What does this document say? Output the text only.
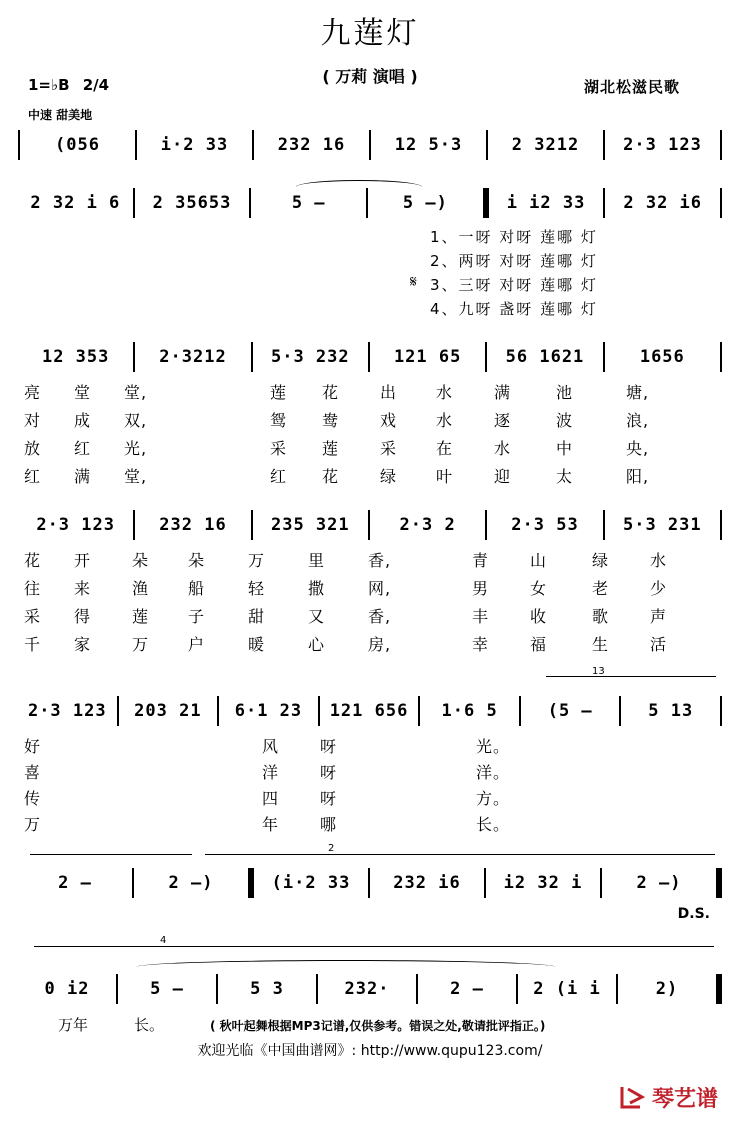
九莲灯
( 万莉 演唱 )
1=♭B 2/4	湖北松滋民歌
中速 甜美地
(056	i·2 33	232 16	12 5·3	2 3212	2·3 123
2 32 i 6	2 35653	5 –	5 –)	i i2 33	2 32 i6
1、一呀 对呀 莲哪 灯
2、两呀 对呀 莲哪 灯
𝄋 3、三呀 对呀 莲哪 灯
4、九呀 盏呀 莲哪 灯
12 353	2·3212	5·3 232	121 65	56 1621	1656
亮 堂 堂,	莲 花	出 水	满	池	塘,
对 成 双,	鸳 鸯	戏 水	逐	波	浪,
放 红 光,	采 莲	采 在	水	中	央,
红 满 堂,	红 花	绿 叶	迎	太	阳,
2·3 123	232 16	235 321	2·3 2	2·3 53	5·3 231
花 开	朵 朵	万	里	香,	青	山	绿	水
往 来	渔 船	轻	撒	网,	男	女	老	少
采 得	莲 子	甜	又	香,	丰	收	歌	声
千 家	万 户	暖	心	房,	幸	福	生	活
13
2·3 123	203 21	6·1 23	121 656	1·6 5	(5 –	5 13
好	风	呀	光。
喜	洋	呀	洋。
传	四	呀	方。
万	年	哪	长。
2
2 –	2 –)	(i·2 33	232 i6	i2 32 i	2 –)
D.S.
4
0 i2	5 –	5 3	232·	2 –	2 (i i	2)
万年	长。	( 秋叶起舞根据MP3记谱,仅供参考。错误之处,敬请批评指正。)
欢迎光临《中国曲谱网》: http://www.qupu123.com/
琴艺谱
